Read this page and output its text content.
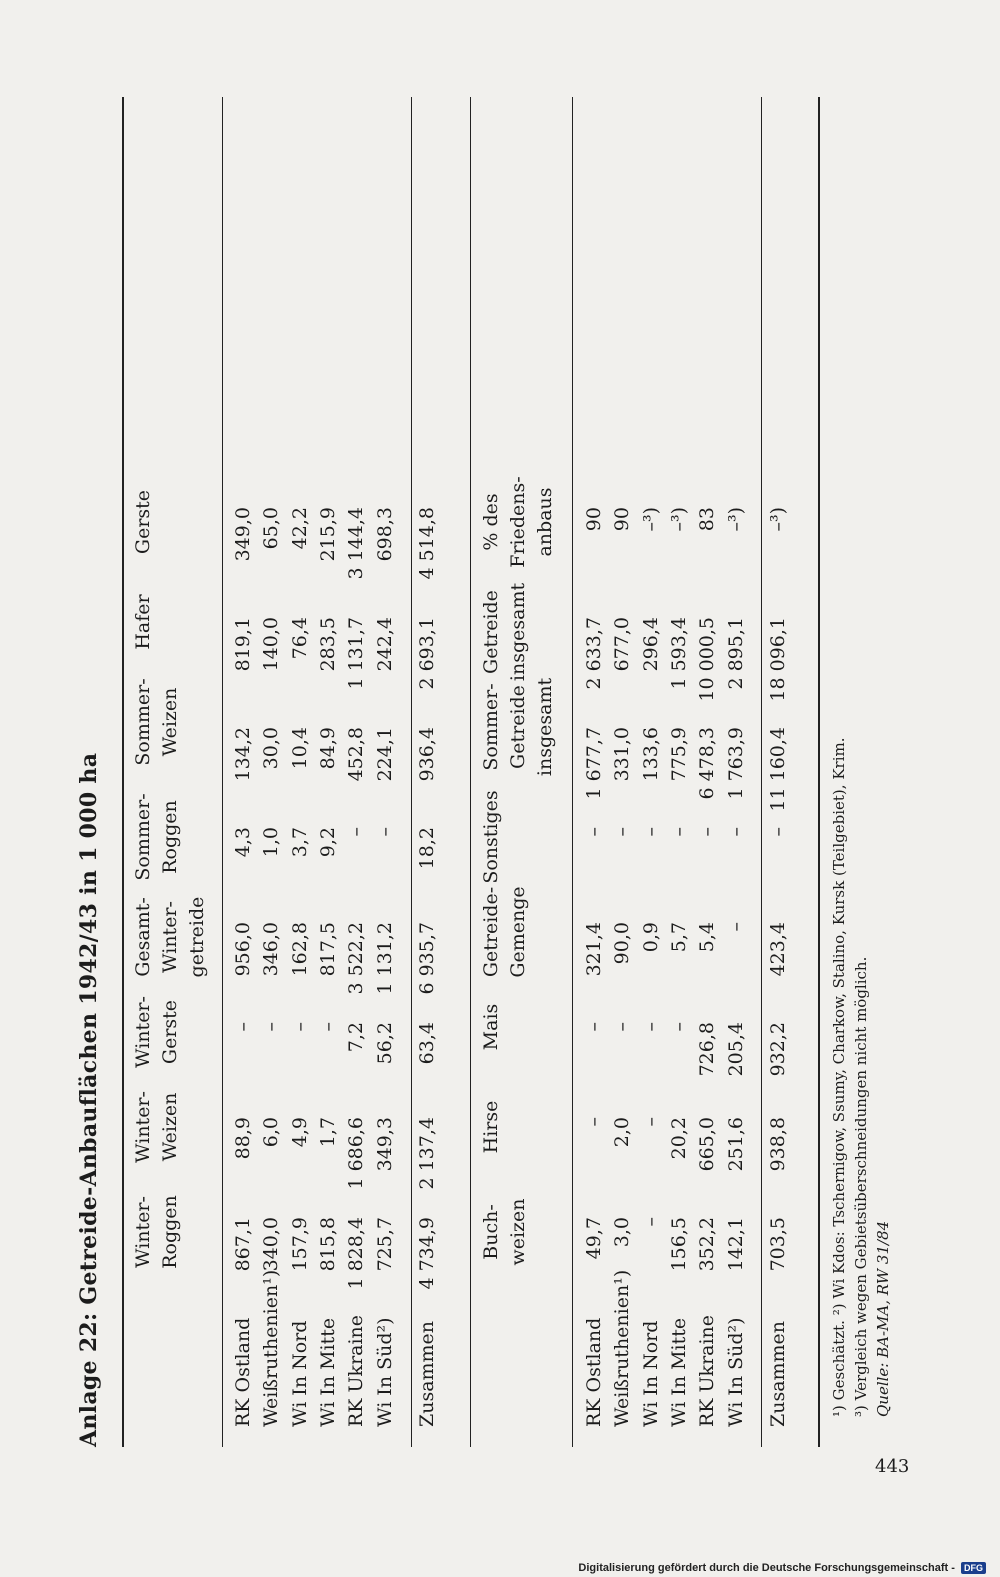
Anlage 22: Getreide-Anbauflächen 1942/43 in 1 000 ha Winter-
Roggen
Winter-
Weizen
Winter-
Gerste
Gesamt-
Winter-
getreide
Sommer-
Roggen
Sommer-
Weizen
Hafer
Gerste
RK Ostland
867,1
88,9
–
956,0
4,3
134,2
819,1
349,0
Weißruthenien¹)
340,0
6,0
–
346,0
1,0
30,0
140,0
65,0
Wi In Nord
157,9
4,9
–
162,8
3,7
10,4
76,4
42,2
Wi In Mitte
815,8
1,7
–
817,5
9,2
84,9
283,5
215,9
RK Ukraine
1 828,4
1 686,6
7,2
3 522,2
–
452,8
1 131,7
3 144,4
Wi In Süd²)
725,7
349,3
56,2
1 131,2
–
224,1
242,4
698,3
Zusammen
4 734,9
2 137,4
63,4
6 935,7
18,2
936,4
2 693,1
4 514,8
Buch-
weizen
Hirse
Mais
Getreide-
Gemenge
Sonstiges
Sommer-
Getreide
insgesamt
Getreide
insgesamt
% des
Friedens-
anbaus
RK Ostland
49,7
–
–
321,4
–
1 677,7
2 633,7
90
Weißruthenien¹)
3,0
2,0
–
90,0
–
331,0
677,0
90
Wi In Nord
–
–
–
0,9
–
133,6
296,4
–³)
Wi In Mitte
156,5
20,2
–
5,7
–
775,9
1 593,4
–³)
RK Ukraine
352,2
665,0
726,8
5,4
–
6 478,3
10 000,5
83
Wi In Süd²)
142,1
251,6
205,4
–
–
1 763,9
2 895,1
–³)
Zusammen
703,5
938,8
932,2
423,4
–
11 160,4
18 096,1
–³)
¹) Geschätzt. ²) Wi Kdos: Tschernigow, Ssumy, Charkow, Stalino, Kursk (Teilgebiet), Krim. ³) Vergleich wegen Gebietsüberschneidungen nicht möglich. Quelle: BA-MA, RW 31/84
443
Digitalisierung gefördert durch die Deutsche Forschungsgemeinschaft - DFG
